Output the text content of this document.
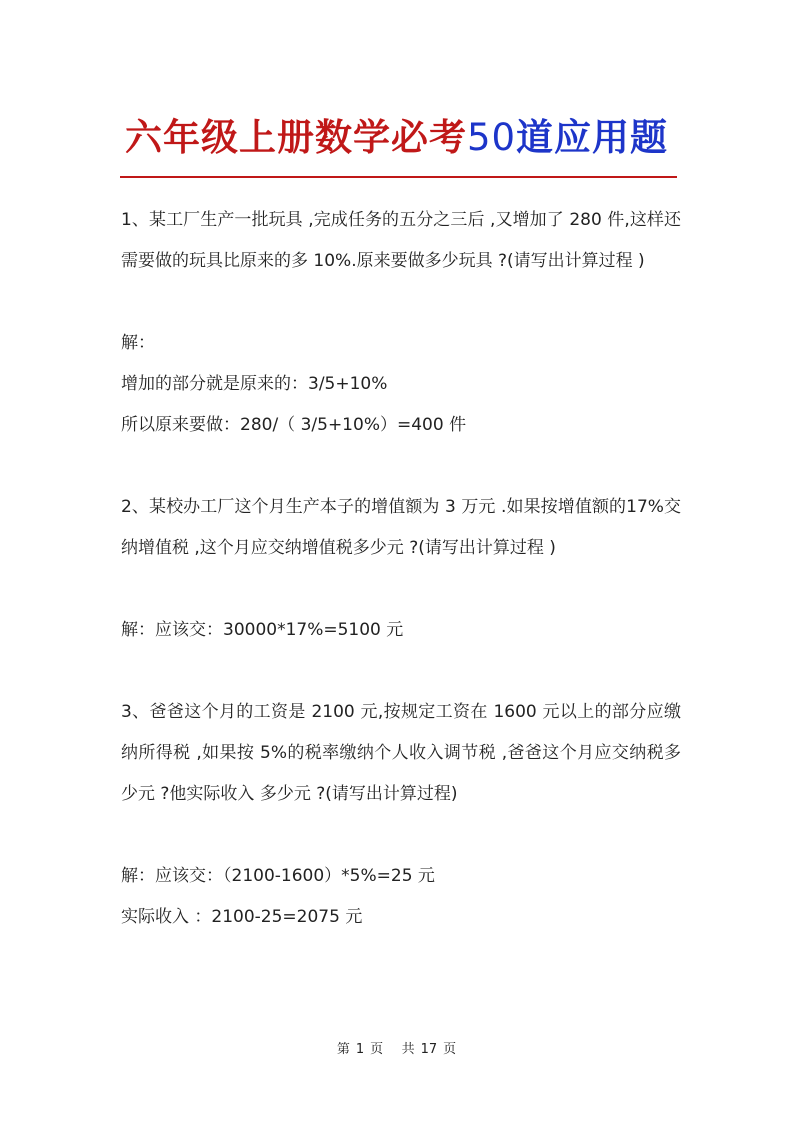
六年级上册数学必考50道应用题

1、某工厂生产一批玩具 ,完成任务的五分之三后 ,又增加了 280 件,这样还需要做的玩具比原来的多 10%.原来要做多少玩具 ?(请写出计算过程 )

解：

增加的部分就是原来的：3/5+10%

所以原来要做：280/（ 3/5+10%）=400 件

2、某校办工厂这个月生产本子的增值额为 3 万元 .如果按增值额的17%交纳增值税 ,这个月应交纳增值税多少元 ?(请写出计算过程 )

解：应该交：30000*17%=5100 元

3、爸爸这个月的工资是 2100 元,按规定工资在 1600 元以上的部分应缴纳所得税 ,如果按 5%的税率缴纳个人收入调节税 ,爸爸这个月应交纳税多少元 ?他实际收入 多少元 ?(请写出计算过程)

解：应该交：（2100-1600）*5%=25 元

实际收入 ：2100-25=2075 元

第 1 页 共 17 页
